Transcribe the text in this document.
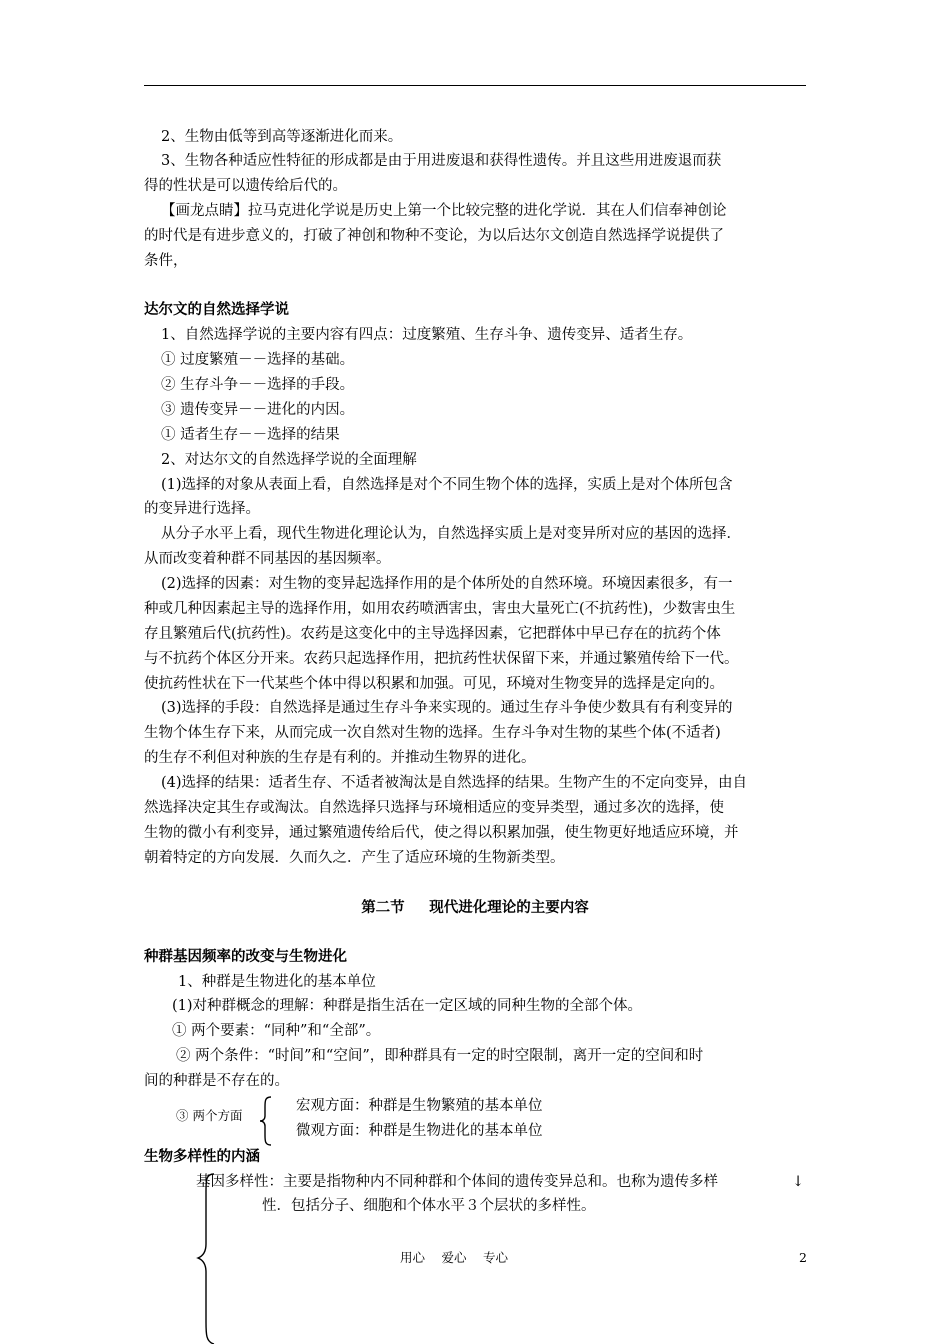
2、生物由低等到高等逐渐进化而来。
3、生物各种适应性特征的形成都是由于用进废退和获得性遗传。并且这些用进废退而获
得的性状是可以遗传给后代的。
【画龙点睛】拉马克进化学说是历史上第一个比较完整的进化学说．其在人们信奉神创论
的时代是有进步意义的，打破了神创和物种不变论，为以后达尔文创造自然选择学说提供了
条件，
达尔文的自然选择学说
1、自然选择学说的主要内容有四点：过度繁殖、生存斗争、遗传变异、适者生存。
① 过度繁殖－－选择的基础。
② 生存斗争－－选择的手段。
③ 遗传变异－－进化的内因。
① 适者生存－－选择的结果
2、对达尔文的自然选择学说的全面理解
(1)选择的对象从表面上看，自然选择是对个不同生物个体的选择，实质上是对个体所包含
的变异进行选择。
从分子水平上看，现代生物进化理论认为，自然选择实质上是对变异所对应的基因的选择．
从而改变着种群不同基因的基因频率。
(2)选择的因素：对生物的变异起选择作用的是个体所处的自然环境。环境因素很多，有一
种或几种因素起主导的选择作用，如用农药喷洒害虫，害虫大量死亡(不抗药性)，少数害虫生
存且繁殖后代(抗药性)。农药是这变化中的主导选择因素，它把群体中早已存在的抗药个体
与不抗药个体区分开来。农药只起选择作用，把抗药性状保留下来，并通过繁殖传给下一代。
使抗药性状在下一代某些个体中得以积累和加强。可见，环境对生物变异的选择是定向的。
(3)选择的手段：自然选择是通过生存斗争来实现的。通过生存斗争使少数具有有利变异的
生物个体生存下来，从而完成一次自然对生物的选择。生存斗争对生物的某些个体(不适者)
的生存不利但对种族的生存是有利的。并推动生物界的进化。
(4)选择的结果：适者生存、不适者被淘汰是自然选择的结果。生物产生的不定向变异，由自
然选择决定其生存或淘汰。自然选择只选择与环境相适应的变异类型，通过多次的选择，使
生物的微小有利变异，通过繁殖遗传给后代，使之得以积累加强，使生物更好地适应环境，并
朝着特定的方向发展．久而久之．产生了适应环境的生物新类型。
第二节　  现代进化理论的主要内容
种群基因频率的改变与生物进化
1、种群是生物进化的基本单位
(1)对种群概念的理解：种群是指生活在一定区域的同种生物的全部个体。
① 两个要素：“同种”和“全部”。
② 两个条件：“时间”和“空间”，即种群具有一定的时空限制，离开一定的空间和时
间的种群是不存在的。
③ 两个方面
宏观方面：种群是生物繁殖的基本单位
微观方面：种群是生物进化的基本单位
生物多样性的内涵
基因多样性：主要是指物种内不同种群和个体间的遗传变异总和。也称为遗传多样	↓
性．包括分子、细胞和个体水平３个层状的多样性。
用心　 爱心　 专心	2
